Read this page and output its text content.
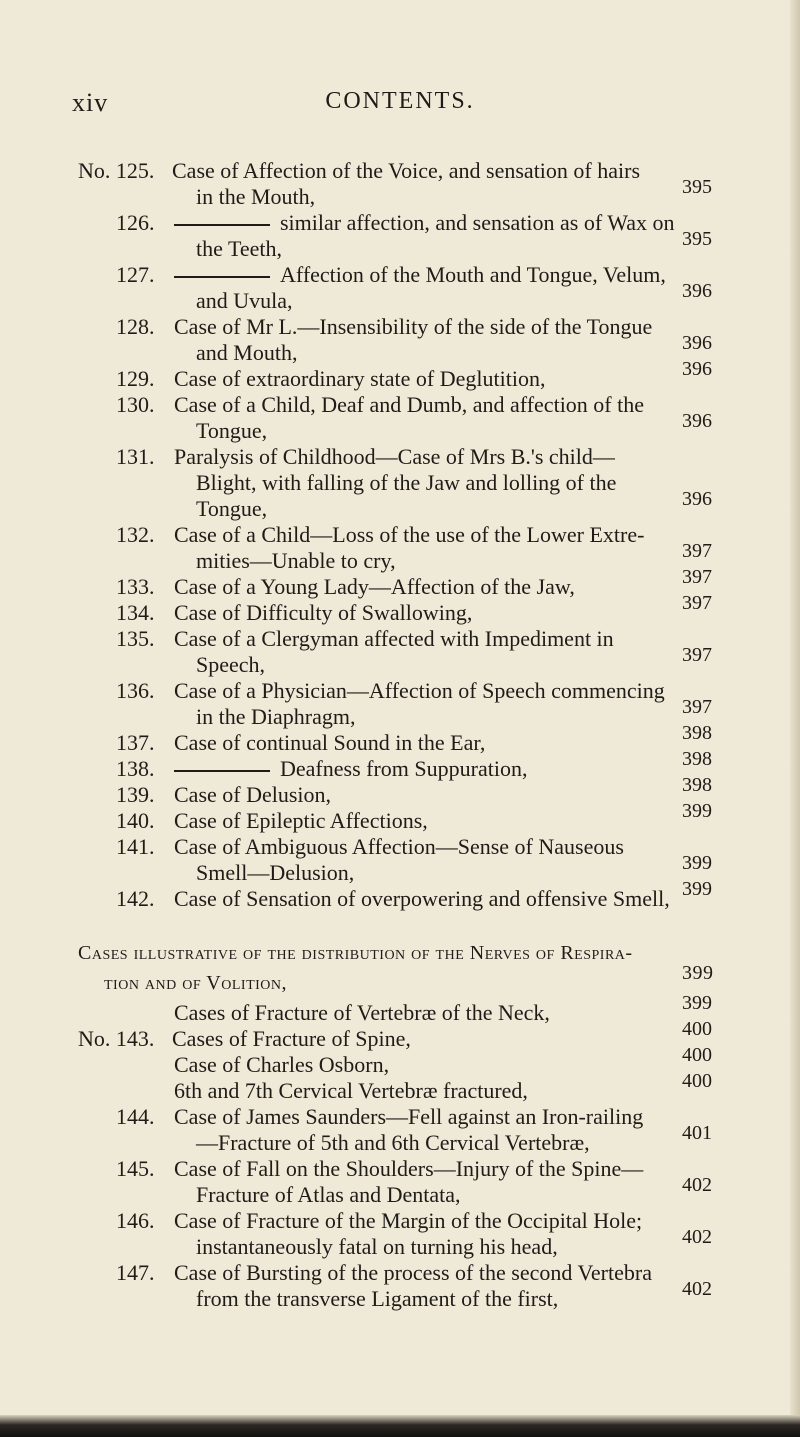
xiv	CONTENTS.
No. 125. Case of Affection of the Voice, and sensation of hairs
in the Mouth,	395
126.	similar affection, and sensation as of Wax on
the Teeth,	395
127.	Affection of the Mouth and Tongue, Velum,
and Uvula,	396
128. Case of Mr L.—Insensibility of the side of the Tongue
and Mouth,	396
129. Case of extraordinary state of Deglutition,	396
130. Case of a Child, Deaf and Dumb, and affection of the
Tongue,	396
131. Paralysis of Childhood—Case of Mrs B.'s child—
Blight, with falling of the Jaw and lolling of the
Tongue,	396
132. Case of a Child—Loss of the use of the Lower Extre-
mities—Unable to cry,	397
133. Case of a Young Lady—Affection of the Jaw,	397
134. Case of Difficulty of Swallowing,	397
135. Case of a Clergyman affected with Impediment in
Speech,	397
136. Case of a Physician—Affection of Speech commencing
in the Diaphragm,	397
137. Case of continual Sound in the Ear,	398
138.	Deafness from Suppuration,	398
139. Case of Delusion,	398
140. Case of Epileptic Affections,	399
141. Case of Ambiguous Affection—Sense of Nauseous
Smell—Delusion,	399
142. Case of Sensation of overpowering and offensive Smell, 399
Cases illustrative of the distribution of the Nerves of Respira-
tion and of Volition,	399
Cases of Fracture of Vertebræ of the Neck,	399
No. 143. Cases of Fracture of Spine,	400
Case of Charles Osborn,	400
6th and 7th Cervical Vertebræ fractured,	400
144. Case of James Saunders—Fell against an Iron-railing
—Fracture of 5th and 6th Cervical Vertebræ,	401
145. Case of Fall on the Shoulders—Injury of the Spine—
Fracture of Atlas and Dentata,	402
146. Case of Fracture of the Margin of the Occipital Hole;
instantaneously fatal on turning his head,	402
147. Case of Bursting of the process of the second Vertebra
from the transverse Ligament of the first,	402
